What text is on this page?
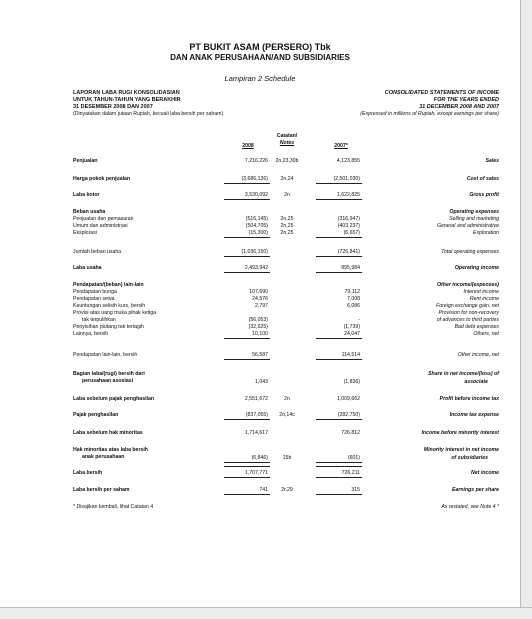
PT BUKIT ASAM (PERSERO) Tbk
DAN ANAK PERUSAHAAN/AND SUBSIDIARIES
Lampiran 2 Schedule
LAPORAN LABA RUGI KONSOLIDASIAN
UNTUK TAHUN-TAHUN YANG BERAKHIR
31 DESEMBER 2008 DAN 2007
(Dinyatakan dalam jutaan Rupiah, kecuali laba bersih per saham)
CONSOLIDATED STATEMENTS OF INCOME
FOR THE YEARS ENDED
31 DECEMBER 2008 AND 2007
(Expressed in millions of Rupiah, except earnings per share)
Catatan/
Notes
2008	2007*
Penjualan	7,216,226	2n,23,30b	4,123,855	Sales
Harga pokok penjualan	(3,686,136)	2n,24	(2,501,030)	Cost of sales
Laba kotor	3,530,092	2n	1,622,825	Gross profit
Beban usaha	Operating expenses
Penjualan dan pemasaran	(516,145)	2n,25	(316,947)	Selling and marketing
Umum dan administrasi	(504,705)	2n,25	(403,237)	General and administrative
Eksplorasi	(15,300)	2n,25	(6,657)	Exploration
Jumlah beban usaha	(1,036,150)	(726,841)	Total operating expenses
Laba usaha	2,493,942	895,984	Operating income
Pendapatan/(beban) lain-lain	Other income/(expenses)
Pendapatan bunga	107,690	79,112	Interest income
Pendapatan sewa	24,576	7,008	Rent income
Keuntungan selisih kurs, bersih	2,797	6,086	Foreign exchange gain, net
Provisi atas uang muka pihak ketiga	Provision for non-recovery
tak terpulihkan	(56,053)	-	of advances to third parties
Penyisihan piutang tak tertagih	(32,625)	(1,739)	Bad debt expenses
Lainnya, bersih	10,100	24,047	Others, net
Pendapatan lain-lain, bersih	56,587	114,514	Other income, net
Bagian laba/(rugi) bersih dari	Share in net income/(loss) of
perusahaan asosiasi	1,043	(1,836)	associate
Laba sebelum pajak penghasilan	2,551,672	2n	1,009,662	Profit before income tax
Pajak penghasilan	(837,055)	2o,14c	(282,750)	Income tax expense
Laba sebelum hak minoritas	1,714,617	726,812	Income before minority interest
Hak minoritas atas laba bersih	Minority interest in net income
anak perusahaan	(6,846)	15b	(601)	of subsidiaries
Laba bersih	1,707,771	726,211	Net income
Laba bersih per saham	741	2r,29	315	Earnings per share
* Disajikan kembali, lihat Catatan 4	As restated, see Note 4 *
